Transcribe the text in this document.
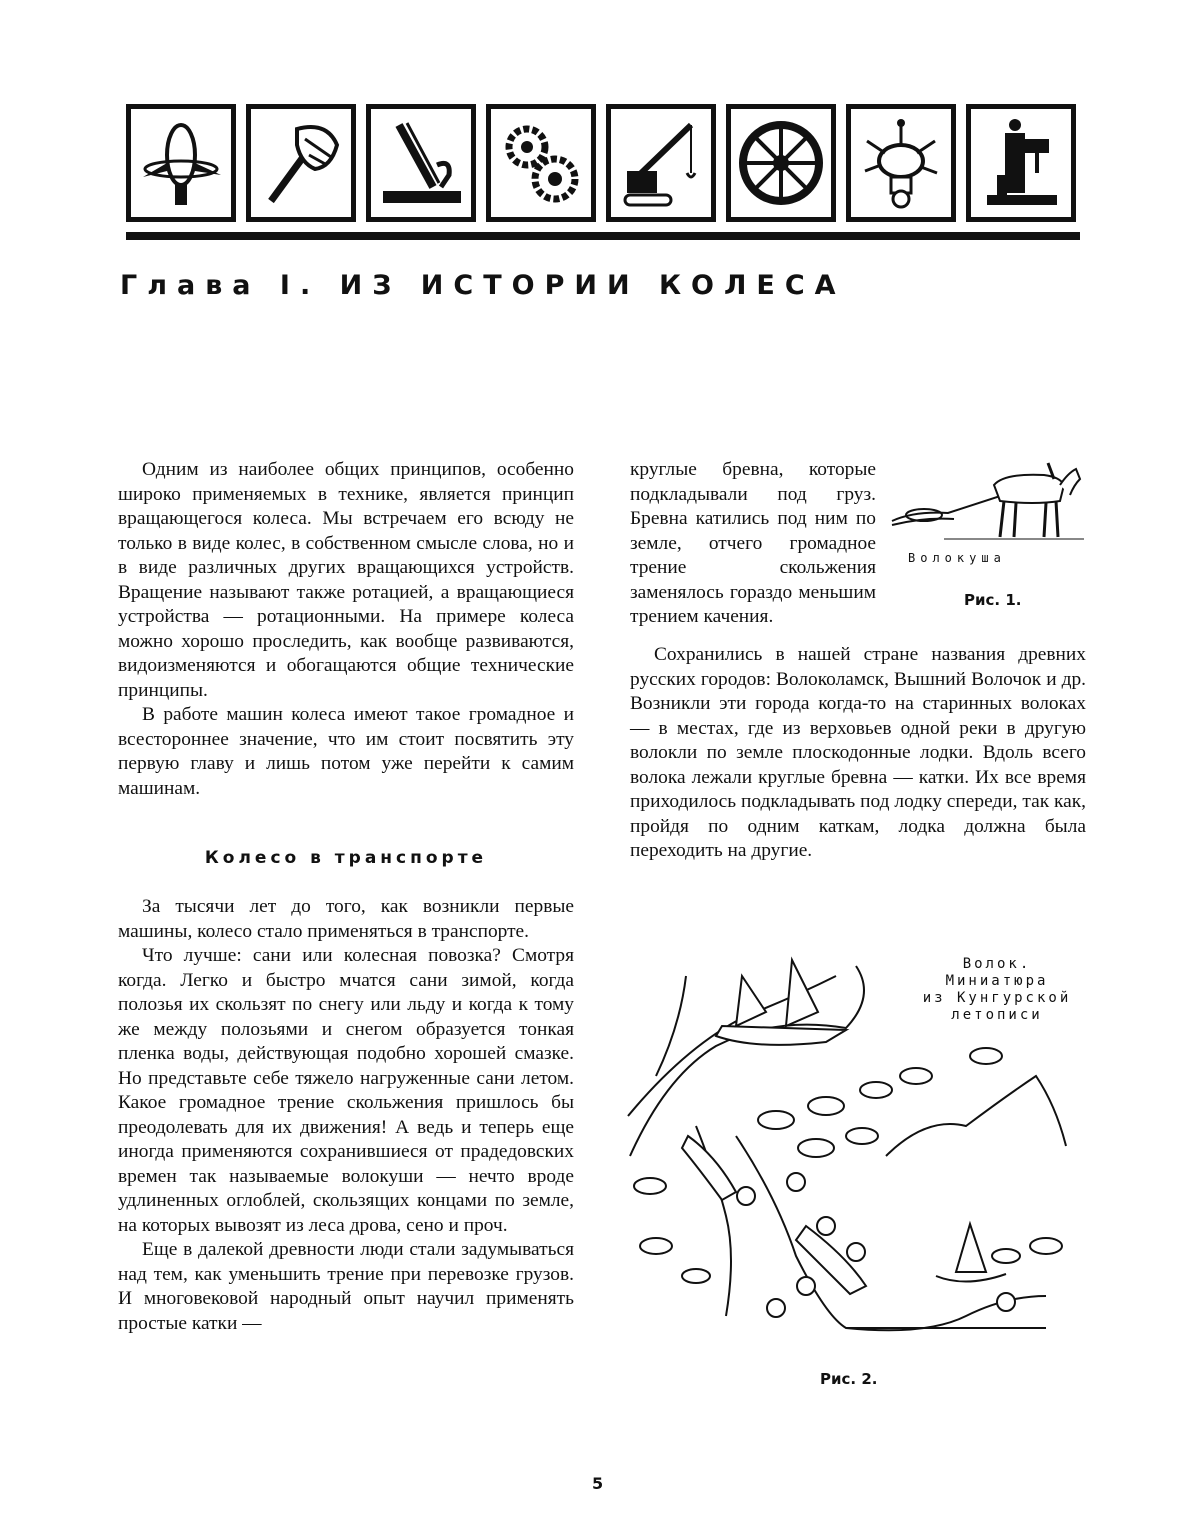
Глава I. ИЗ ИСТОРИИ КОЛЕСА

Одним из наиболее общих принципов, особенно широко применяемых в технике, является принцип вращающегося колеса. Мы встречаем его всюду не только в виде колес, в собственном смысле слова, но и в виде различных других вращающихся устройств. Вращение называют также ротацией, а вращающиеся устройства — ротационными. На примере колеса можно хорошо проследить, как вообще развиваются, видоизменяются и обогащаются общие технические принципы.

В работе машин колеса имеют такое громадное и всестороннее значение, что им стоит посвятить эту первую главу и лишь потом уже перейти к самим машинам.

Колесо в транспорте

За тысячи лет до того, как возникли первые машины, колесо стало применяться в транспорте.

Что лучше: сани или колесная повозка? Смотря когда. Легко и быстро мчатся сани зимой, когда полозья их скользят по снегу или льду и когда к тому же между полозьями и снегом образуется тонкая пленка воды, действующая подобно хорошей смазке. Но представьте себе тяжело нагруженные сани летом. Какое громадное трение скольжения пришлось бы преодолевать для их движения! А ведь и теперь еще иногда применяются сохранившиеся от прадедовских времен так называемые волокуши — нечто вроде удлиненных оглоблей, скользящих концами по земле, на которых вывозят из леса дрова, сено и проч.

Еще в далекой древности люди стали задумываться над тем, как уменьшить трение при перевозке грузов. И многовековой народный опыт научил применять простые катки —

круглые бревна, которые подкладывали под груз. Бревна катились под ним по земле, отчего громадное трение скольжения заменялось гораздо меньшим трением качения.

Сохранились в нашей стране названия древних русских городов: Волоколамск, Вышний Волочок и др. Возникли эти города когда-то на старинных волоках — в местах, где из верховьев одной реки в другую волокли по земле плоскодонные лодки. Вдоль всего волока лежали круглые бревна — катки. Их все время приходилось подкладывать под лодку спереди, так как, пройдя по одним каткам, лодка должна была переходить на другие.

Волокуша
Рис. 1.
Волок.
Миниатюра
из Кунгурской
летописи
Рис. 2.
5
